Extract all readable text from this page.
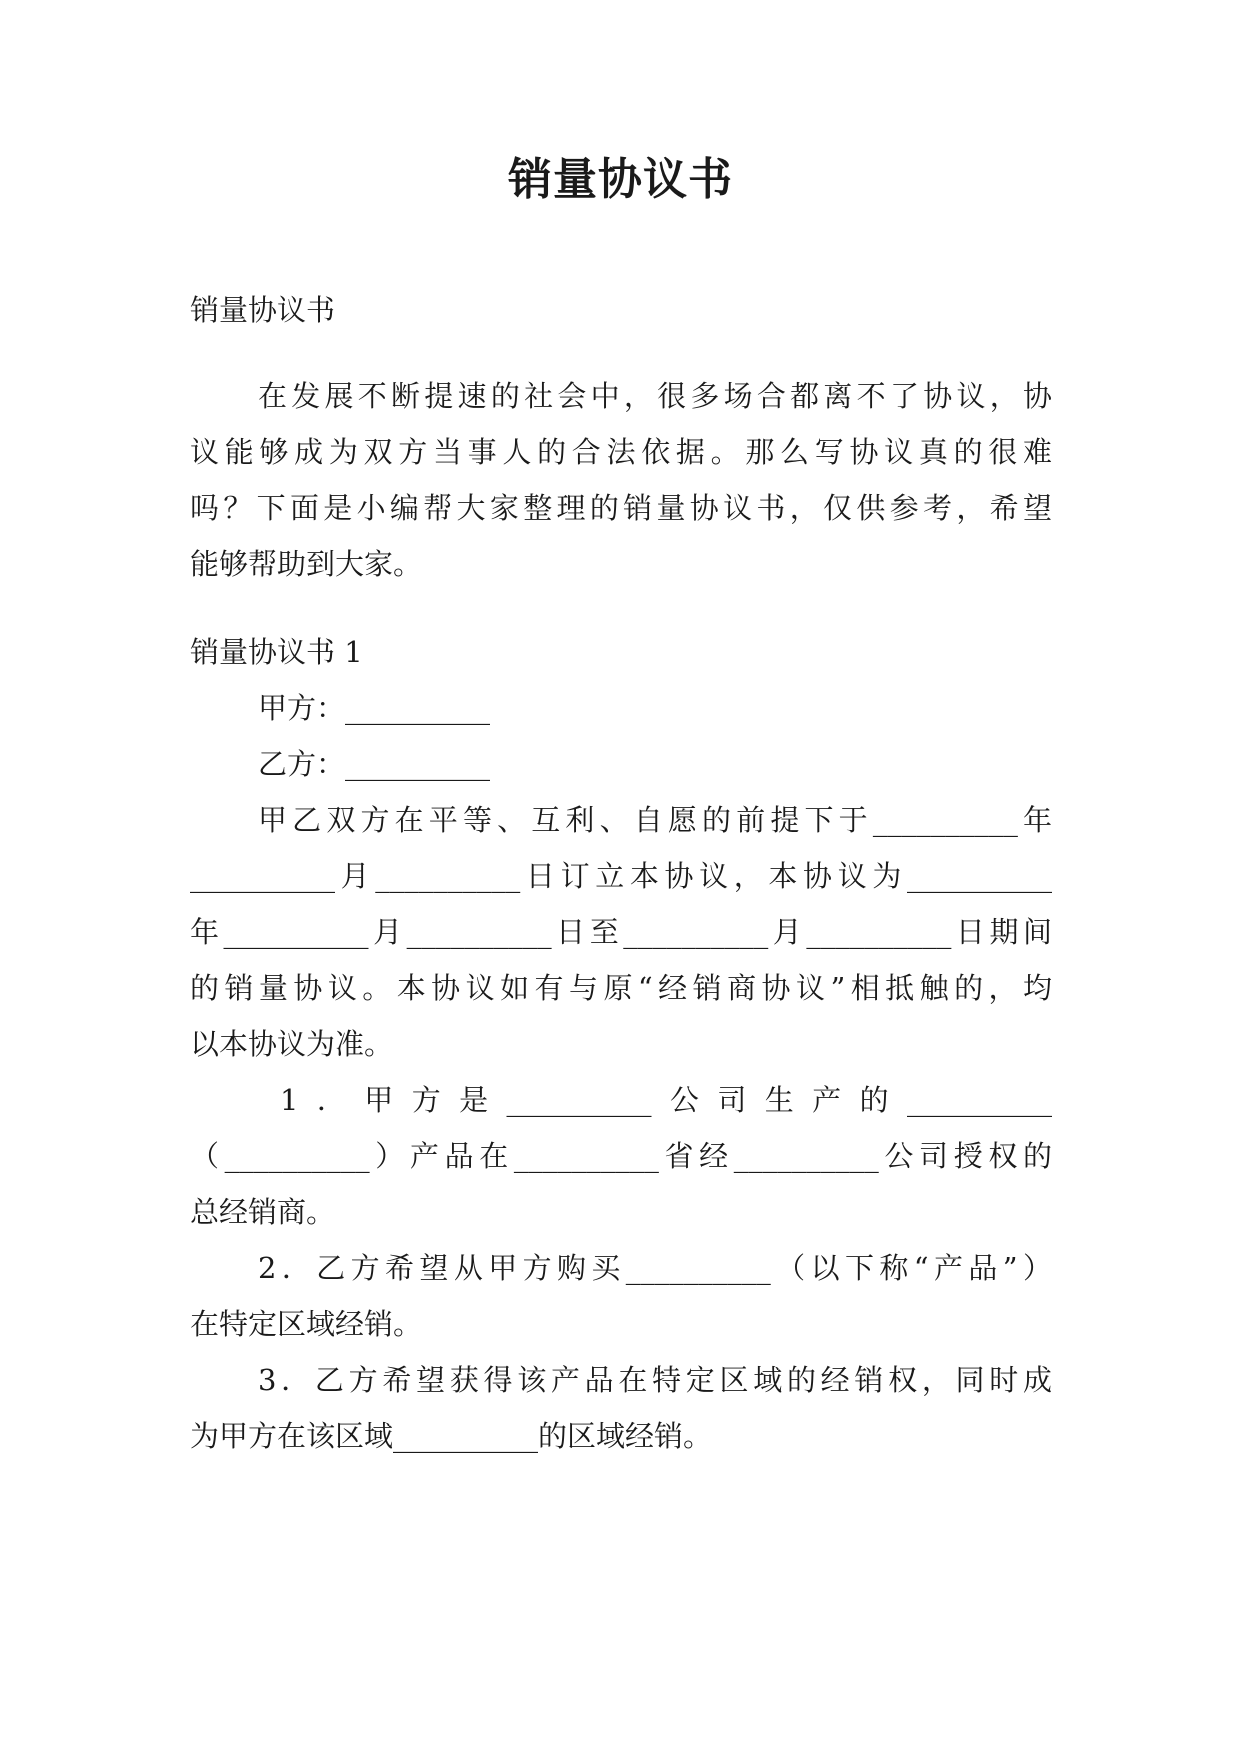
销量协议书
销量协议书
在发展不断提速的社会中，很多场合都离不了协议，协
议能够成为双方当事人的合法依据。那么写协议真的很难
吗？下面是小编帮大家整理的销量协议书，仅供参考，希望
能够帮助到大家。
销量协议书 1
甲方：__________
乙方：__________
甲乙双方在平等、互利、自愿的前提下于__________年
__________月__________日订立本协议，本协议为__________
年__________月__________日至__________月__________日期间
的销量协议。本协议如有与原“经销商协议”相抵触的，均
以本协议为准。
1．甲方是__________公司生产的__________
（__________）产品在__________省经__________公司授权的
总经销商。
2．乙方希望从甲方购买__________（以下称“产品”）
在特定区域经销。
3．乙方希望获得该产品在特定区域的经销权，同时成
为甲方在该区域__________的区域经销。
